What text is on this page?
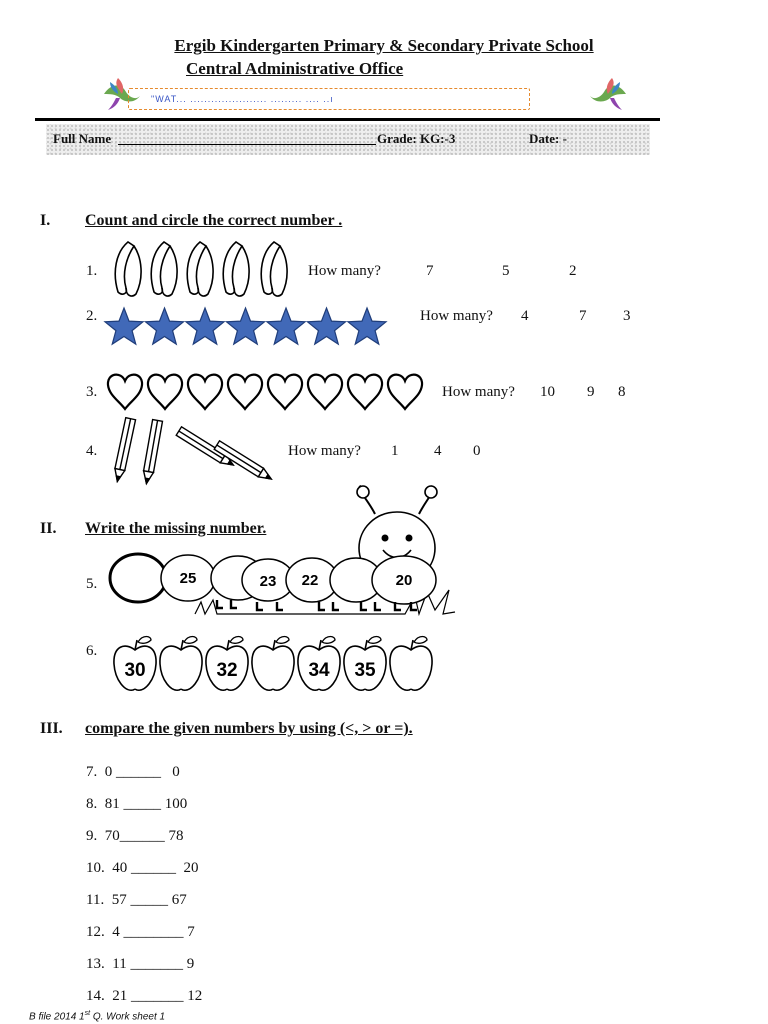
Ergib Kindergarten Primary & Secondary Private School
Central Administrative Office
"WAT... ...................... ......... .... ..ı
Full Name	Grade: KG:-3	Date: -
I. Count and circle the correct number .
1.	How many?	7	5	2
2.	How many? 4	7 3
3.	How many? 10 9 8
4.	How many? 1 4 0
II. Write the missing number.
5.	25	23 22	20
6.
30	32	34 35
III. compare the given numbers by using (<, > or =).
7. 0 ______ 0
8. 81 _____ 100
9. 70______ 78
10. 40 ______ 20
11. 57 _____ 67
12. 4 ________ 7
13. 11 _______ 9
14. 21 _______ 12
B file 2014 1st Q. Work sheet 1
